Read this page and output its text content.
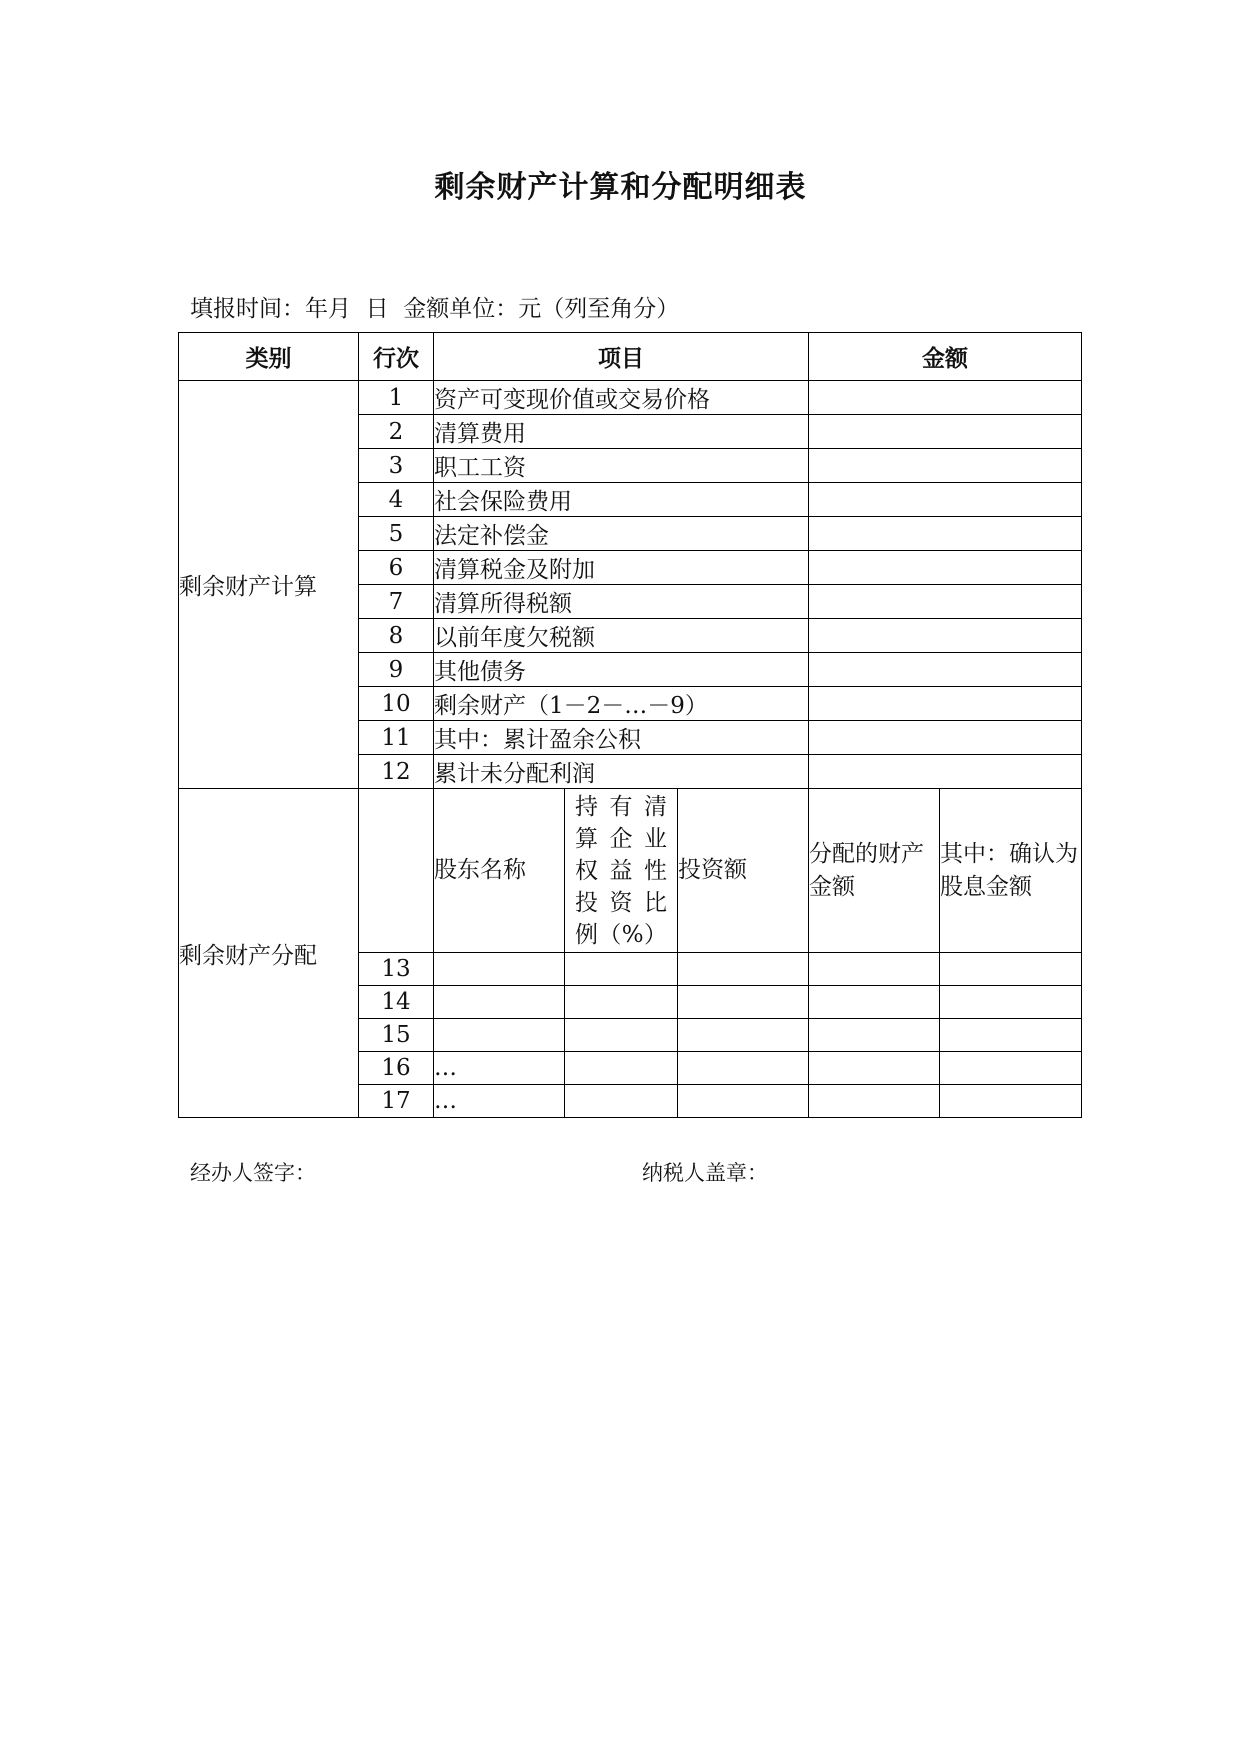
剩余财产计算和分配明细表
填报时间：年月  日  金额单位：元（列至角分）
类别	行次	项目			金额	
剩余财产计算	1	资产可变现价值或交易价格				
	2	清算费用				
	3	职工工资				
	4	社会保险费用				
	5	法定补偿金				
	6	清算税金及附加				
	7	清算所得税额				
	8	以前年度欠税额				
	9	其他债务				
	10	剩余财产（1－2－…－9）				
	11	其中：累计盈余公积				
	12	累计未分配利润				
剩余财产分配		股东名称	持有清
算企业
权益性
投资比
例（%）	投资额	分配的财产金额	其中：确认为股息金额
	13					
	14					
	15					
	16	…				
	17	…				
经办人签字：	纳税人盖章：
